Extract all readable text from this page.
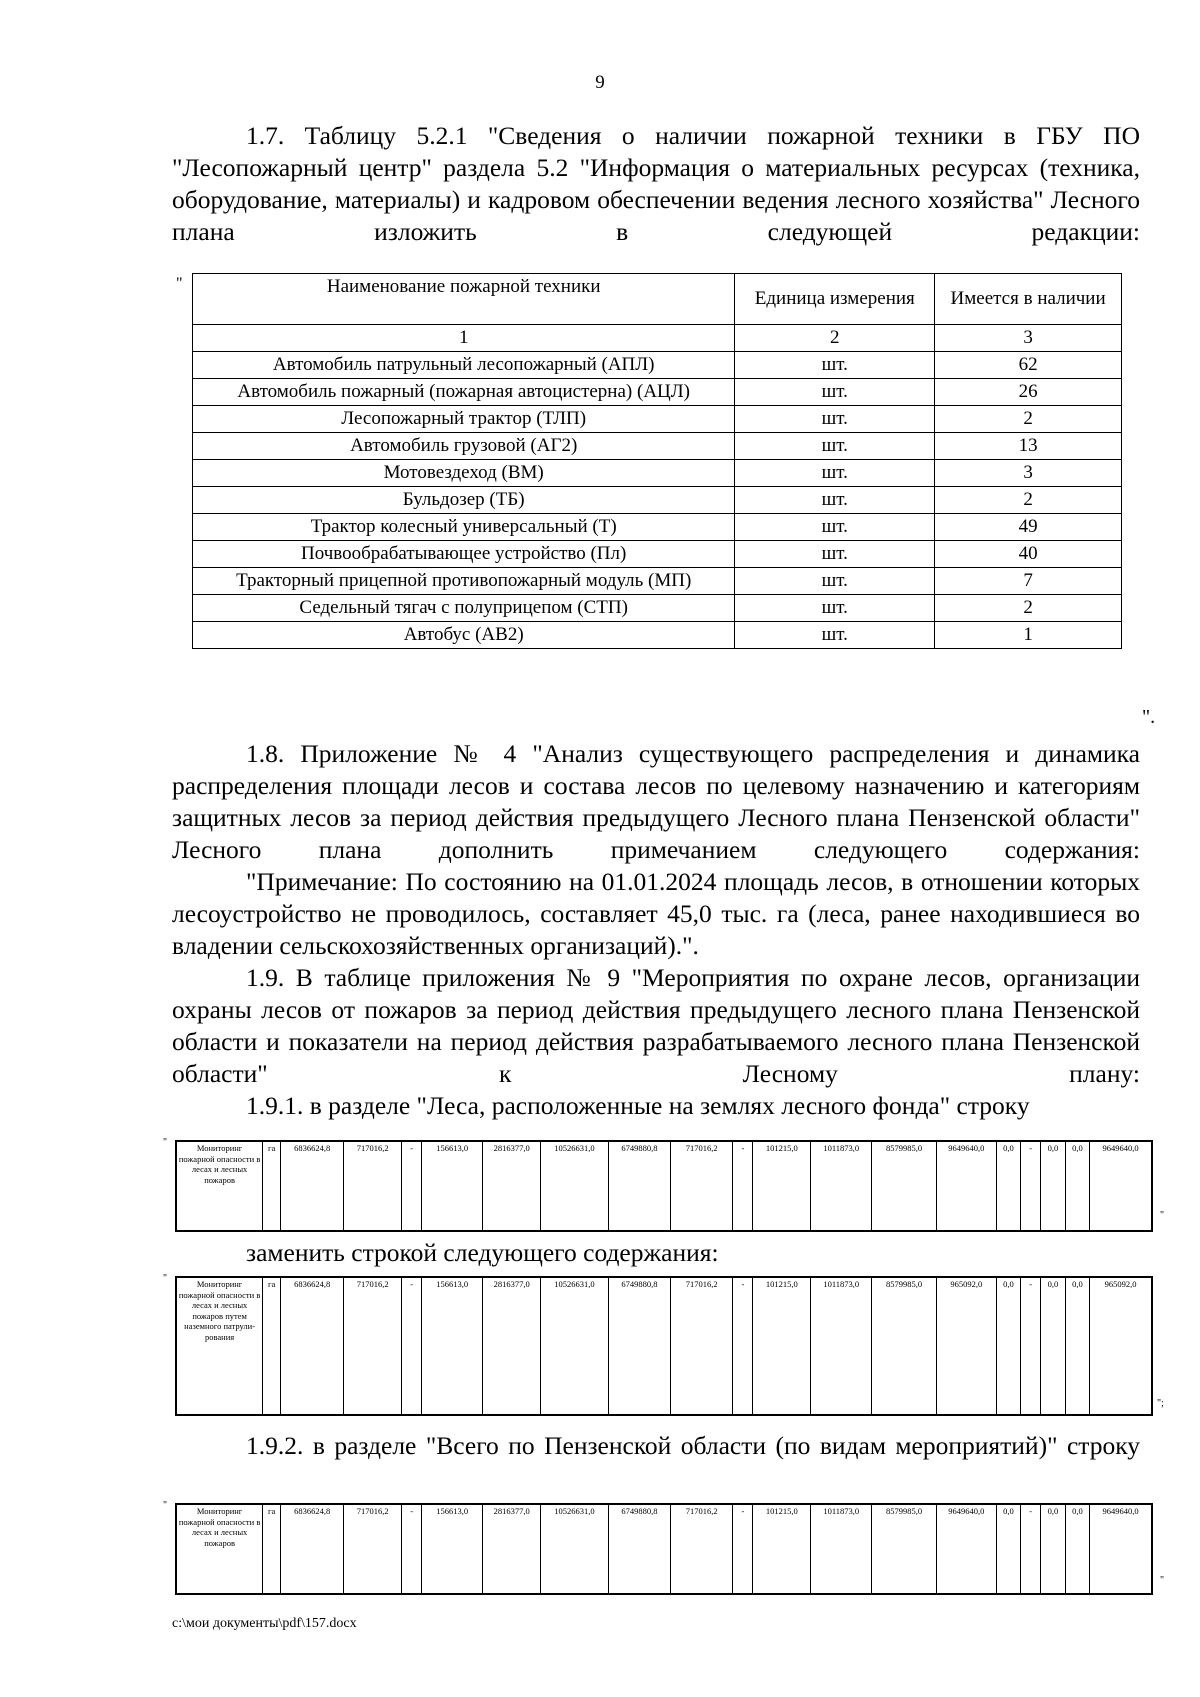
9

1.7. Таблицу 5.2.1 "Сведения о наличии пожарной техники в ГБУ ПО "Лесопожарный центр" раздела 5.2 "Информация о материальных ресурсах (техника, оборудование, материалы) и кадровом обеспечении ведения лесного хозяйства" Лесного плана изложить в следующей редакции:

"	Наименование пожарной техники	Единица измерения	Имеется в наличии
1	2	3
Автомобиль патрульный лесопожарный (АПЛ)	шт.	62
Автомобиль пожарный (пожарная автоцистерна) (АЦЛ)	шт.	26
Лесопожарный трактор (ТЛП)	шт.	2
Автомобиль грузовой (АГ2)	шт.	13
Мотовездеход (ВМ)	шт.	3
Бульдозер (ТБ)	шт.	2
Трактор колесный универсальный (Т)	шт.	49
Почвообрабатывающее устройство (Пл)	шт.	40
Тракторный прицепной противопожарный модуль (МП)	шт.	7
Седельный тягач с полуприцепом (СТП)	шт.	2
Автобус (АВ2)	шт.	1
".

1.8. Приложение № 4 "Анализ существующего распределения и динамика распределения площади лесов и состава лесов по целевому назначению и категориям защитных лесов за период действия предыдущего Лесного плана Пензенской области" Лесного плана дополнить примечанием следующего содержания:

"Примечание: По состоянию на 01.01.2024 площадь лесов, в отношении которых лесоустройство не проводилось, составляет 45,0 тыс. га (леса, ранее находившиеся во владении сельскохозяйственных организаций).".

1.9. В таблице приложения № 9 "Мероприятия по охране лесов, организации охраны лесов от пожаров за период действия предыдущего лесного плана Пензенской области и показатели на период действия разрабатываемого лесного плана Пензенской области" к Лесному плану:

1.9.1. в разделе "Леса, расположенные на землях лесного фонда" строку

"	Мониторинг пожарной опасности в лесах и лесных пожаров	га	6836624,8	717016,2	-	156613,0	2816377,0	10526631,0	6749880,8	717016,2	-	101215,0	1011873,0	8579985,0	9649640,0	0,0	-	0,0	0,0	9649640,0
"

заменить строкой следующего содержания:

"	Мониторинг пожарной опасности в лесах и лесных пожаров путем наземного патрули-рования	га	6836624,8	717016,2	-	156613,0	2816377,0	10526631,0	6749880,8	717016,2	-	101215,0	1011873,0	8579985,0	965092,0	0,0	-	0,0	0,0	965092,0
";

1.9.2. в разделе "Всего по Пензенской области (по видам мероприятий)" строку

"	Мониторинг пожарной опасности в лесах и лесных пожаров	га	6836624,8	717016,2	-	156613,0	2816377,0	10526631,0	6749880,8	717016,2	-	101215,0	1011873,0	8579985,0	9649640,0	0,0	-	0,0	0,0	9649640,0
"
c:\мои документы\pdf\157.docx
